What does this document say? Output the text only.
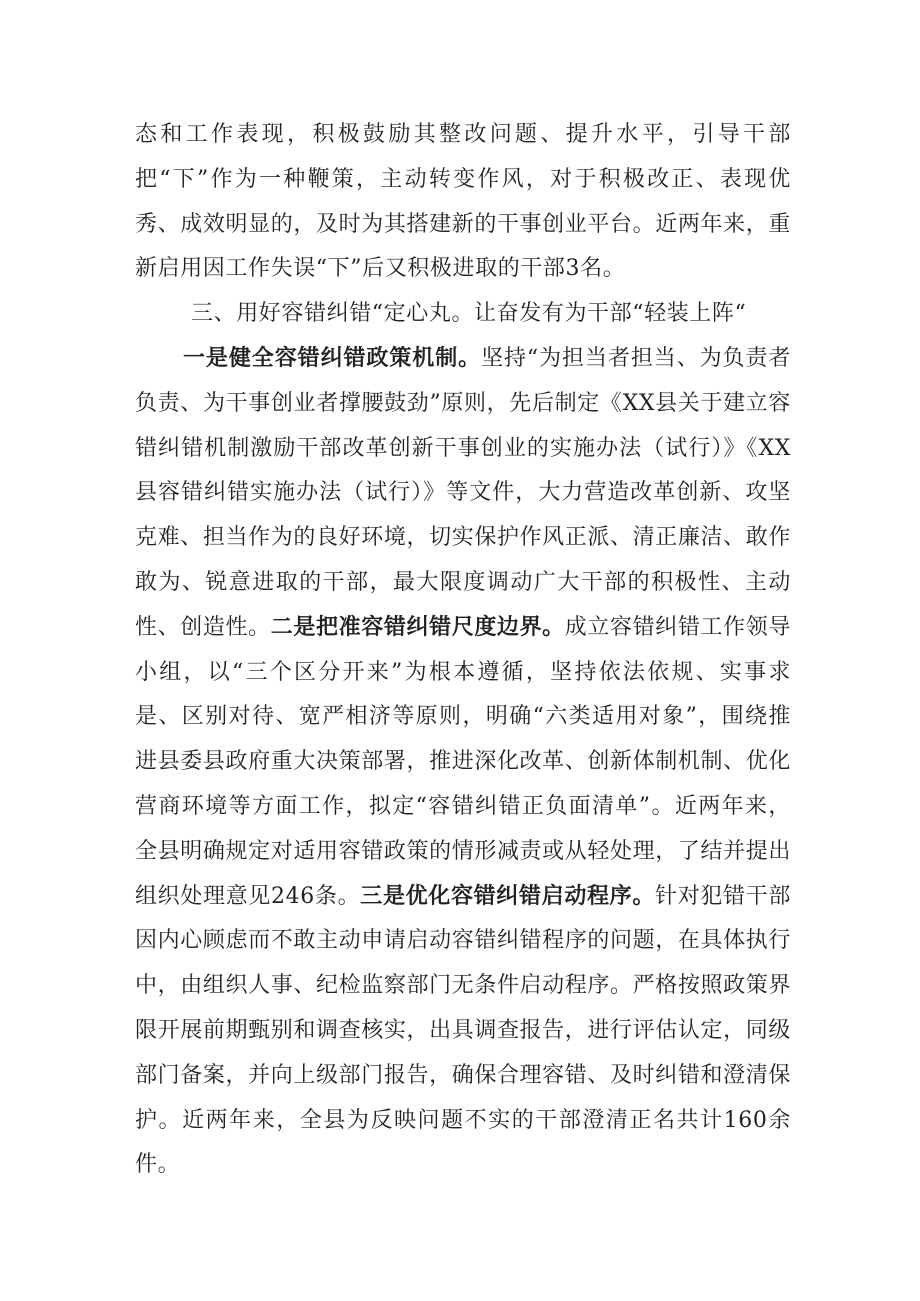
态和工作表现，积极鼓励其整改问题、提升水平，引导干部把“下”作为一种鞭策，主动转变作风，对于积极改正、表现优秀、成效明显的，及时为其搭建新的干事创业平台。近两年来，重新启用因工作失误“下”后又积极进取的干部3名。

三、用好容错纠错“定心丸。让奋发有为干部“轻装上阵“

一是健全容错纠错政策机制。坚持“为担当者担当、为负责者负责、为干事创业者撑腰鼓劲”原则，先后制定《XX县关于建立容错纠错机制激励干部改革创新干事创业的实施办法（试行）》《XX县容错纠错实施办法（试行）》等文件，大力营造改革创新、攻坚克难、担当作为的良好环境，切实保护作风正派、清正廉洁、敢作敢为、锐意进取的干部，最大限度调动广大干部的积极性、主动性、创造性。二是把准容错纠错尺度边界。成立容错纠错工作领导小组，以“三个区分开来”为根本遵循，坚持依法依规、实事求是、区别对待、宽严相济等原则，明确“六类适用对象”，围绕推进县委县政府重大决策部署，推进深化改革、创新体制机制、优化营商环境等方面工作，拟定“容错纠错正负面清单”。近两年来，全县明确规定对适用容错政策的情形减责或从轻处理，了结并提出组织处理意见246条。三是优化容错纠错启动程序。针对犯错干部因内心顾虑而不敢主动申请启动容错纠错程序的问题，在具体执行中，由组织人事、纪检监察部门无条件启动程序。严格按照政策界限开展前期甄别和调查核实，出具调查报告，进行评估认定，同级部门备案，并向上级部门报告，确保合理容错、及时纠错和澄清保护。近两年来，全县为反映问题不实的干部澄清正名共计160余件。
